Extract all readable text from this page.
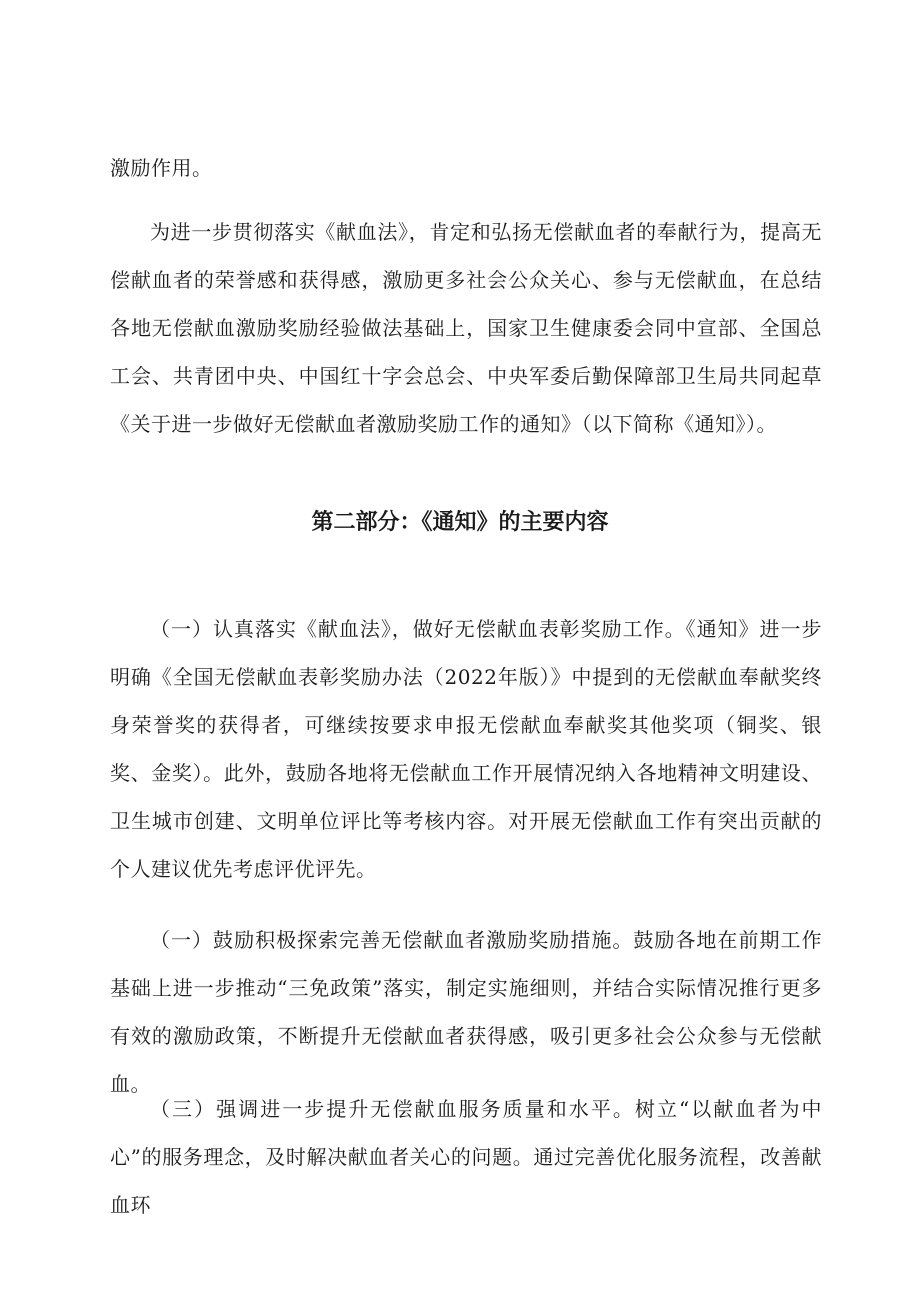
激励作用。

为进一步贯彻落实《献血法》，肯定和弘扬无偿献血者的奉献行为，提高无偿献血者的荣誉感和获得感，激励更多社会公众关心、参与无偿献血，在总结各地无偿献血激励奖励经验做法基础上，国家卫生健康委会同中宣部、全国总工会、共青团中央、中国红十字会总会、中央军委后勤保障部卫生局共同起草《关于进一步做好无偿献血者激励奖励工作的通知》（以下简称《通知》）。

第二部分：《通知》的主要内容

（一）认真落实《献血法》，做好无偿献血表彰奖励工作。《通知》进一步明确《全国无偿献血表彰奖励办法（2022年版）》中提到的无偿献血奉献奖终身荣誉奖的获得者，可继续按要求申报无偿献血奉献奖其他奖项（铜奖、银奖、金奖）。此外，鼓励各地将无偿献血工作开展情况纳入各地精神文明建设、卫生城市创建、文明单位评比等考核内容。对开展无偿献血工作有突出贡献的个人建议优先考虑评优评先。

（一）鼓励积极探索完善无偿献血者激励奖励措施。鼓励各地在前期工作基础上进一步推动“三免政策”落实，制定实施细则，并结合实际情况推行更多有效的激励政策，不断提升无偿献血者获得感，吸引更多社会公众参与无偿献血。

（三）强调进一步提升无偿献血服务质量和水平。树立“以献血者为中心”的服务理念，及时解决献血者关心的问题。通过完善优化服务流程，改善献血环
